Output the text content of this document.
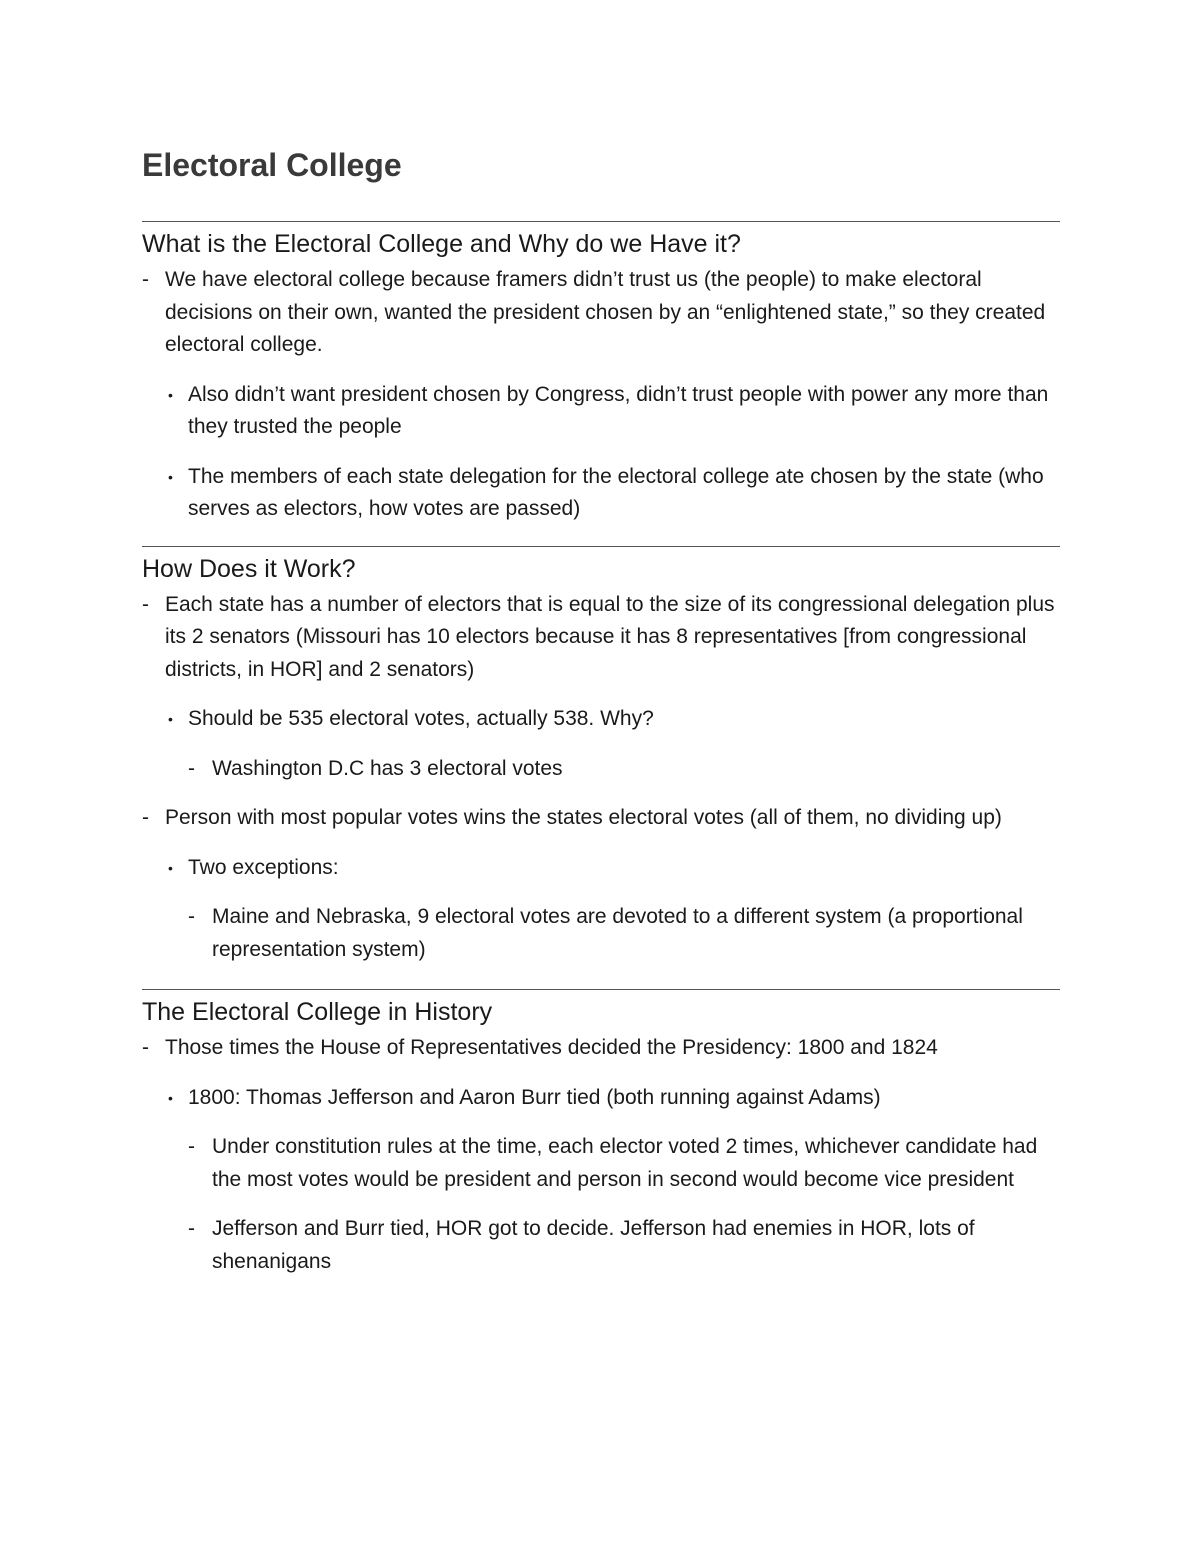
Electoral College
What is the Electoral College and Why do we Have it?
- We have electoral college because framers didn’t trust us (the people) to make electoral decisions on their own, wanted the president chosen by an “enlightened state,” so they created electoral college.
• Also didn’t want president chosen by Congress, didn’t trust people with power any more than they trusted the people
• The members of each state delegation for the electoral college ate chosen by the state (who serves as electors, how votes are passed)
How Does it Work?
- Each state has a number of electors that is equal to the size of its congressional delegation plus its 2 senators (Missouri has 10 electors because it has 8 representatives [from congressional districts, in HOR] and 2 senators)
• Should be 535 electoral votes, actually 538. Why?
- Washington D.C has 3 electoral votes
- Person with most popular votes wins the states electoral votes (all of them, no dividing up)
• Two exceptions:
- Maine and Nebraska, 9 electoral votes are devoted to a different system (a proportional representation system)
The Electoral College in History
- Those times the House of Representatives decided the Presidency: 1800 and 1824
• 1800: Thomas Jefferson and Aaron Burr tied (both running against Adams)
- Under constitution rules at the time, each elector voted 2 times, whichever candidate had the most votes would be president and person in second would become vice president
- Jefferson and Burr tied, HOR got to decide. Jefferson had enemies in HOR, lots of shenanigans
